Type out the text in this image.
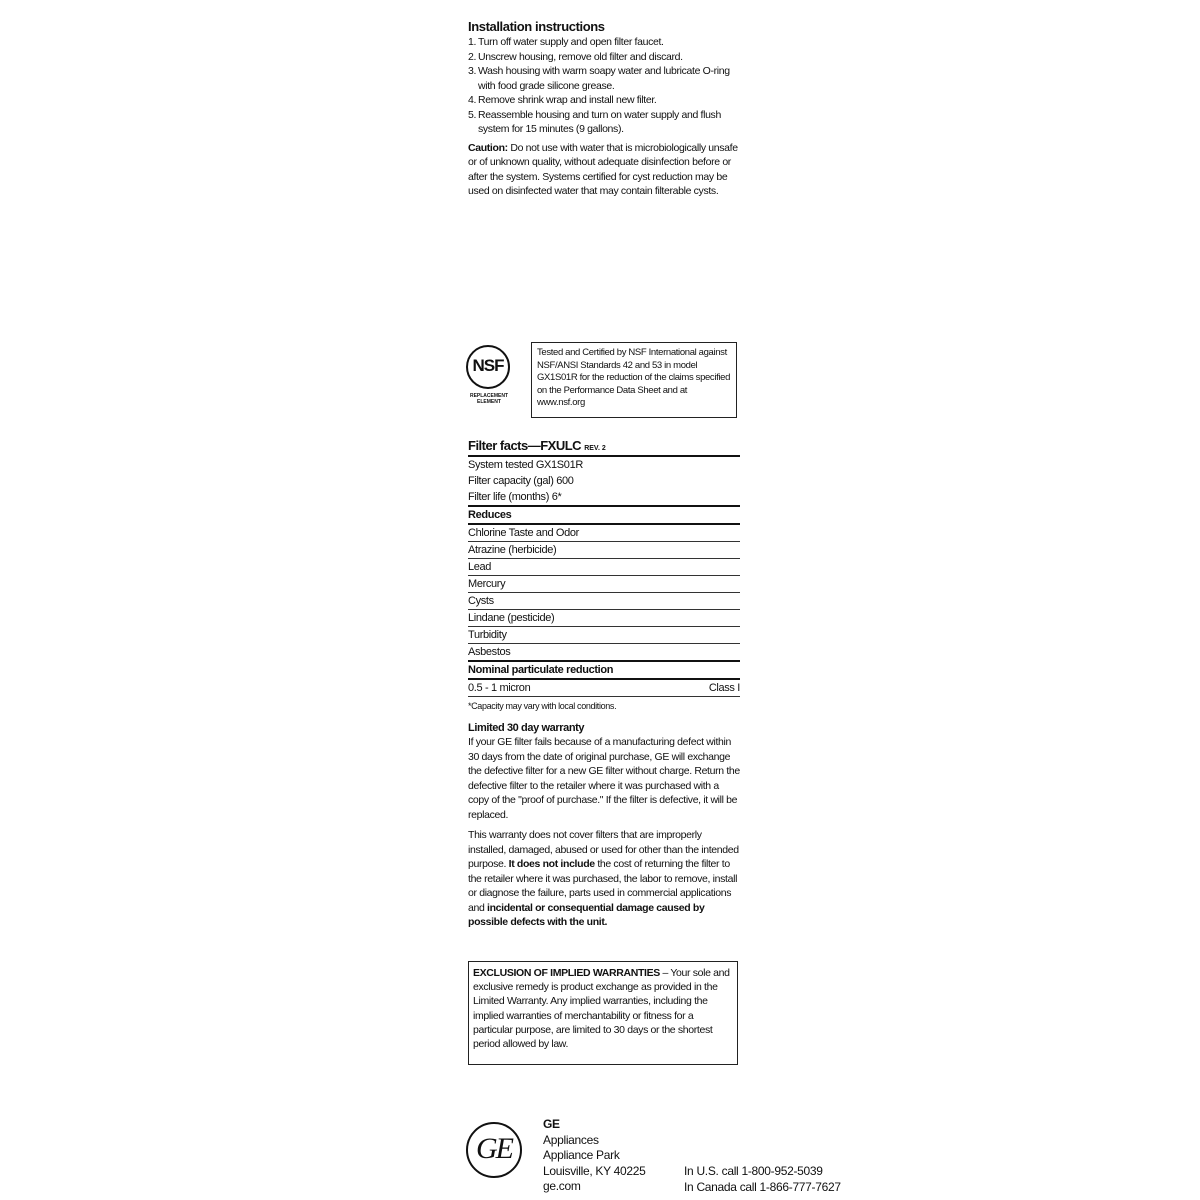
Installation instructions
1. Turn off water supply and open filter faucet.
2. Unscrew housing, remove old filter and discard.
3. Wash housing with warm soapy water and lubricate O-ring with food grade silicone grease.
4. Remove shrink wrap and install new filter.
5. Reassemble housing and turn on water supply and flush system for 15 minutes (9 gallons).
Caution: Do not use with water that is microbiologically unsafe or of unknown quality, without adequate disinfection before or after the system. Systems certified for cyst reduction may be used on disinfected water that may contain filterable cysts.
NSF
REPLACEMENT ELEMENT
Tested and Certified by NSF International against NSF/ANSI Standards 42 and 53 in model GX1S01R for the reduction of the claims specified on the Performance Data Sheet and at www.nsf.org
Filter facts—FXULC REV. 2
System tested GX1S01R
Filter capacity (gal) 600
Filter life (months) 6*
Reduces
Chlorine Taste and Odor
Atrazine (herbicide)
Lead
Mercury
Cysts
Lindane (pesticide)
Turbidity
Asbestos
Nominal particulate reduction
0.5 - 1 micron	Class I
*Capacity may vary with local conditions.
Limited 30 day warranty

If your GE filter fails because of a manufacturing defect within 30 days from the date of original purchase, GE will exchange the defective filter for a new GE filter without charge. Return the defective filter to the retailer where it was purchased with a copy of the "proof of purchase." If the filter is defective, it will be replaced.

This warranty does not cover filters that are improperly installed, damaged, abused or used for other than the intended purpose. It does not include the cost of returning the filter to the retailer where it was purchased, the labor to remove, install or diagnose the failure, parts used in commercial applications and incidental or consequential damage caused by possible defects with the unit.

EXCLUSION OF IMPLIED WARRANTIES – Your sole and exclusive remedy is product exchange as provided in the Limited Warranty. Any implied warranties, including the implied warranties of merchantability or fitness for a particular purpose, are limited to 30 days or the shortest period allowed by law.
GE
GE
Appliances
Appliance Park
Louisville, KY 40225
ge.com
In U.S. call 1-800-952-5039
In Canada call 1-866-777-7627
